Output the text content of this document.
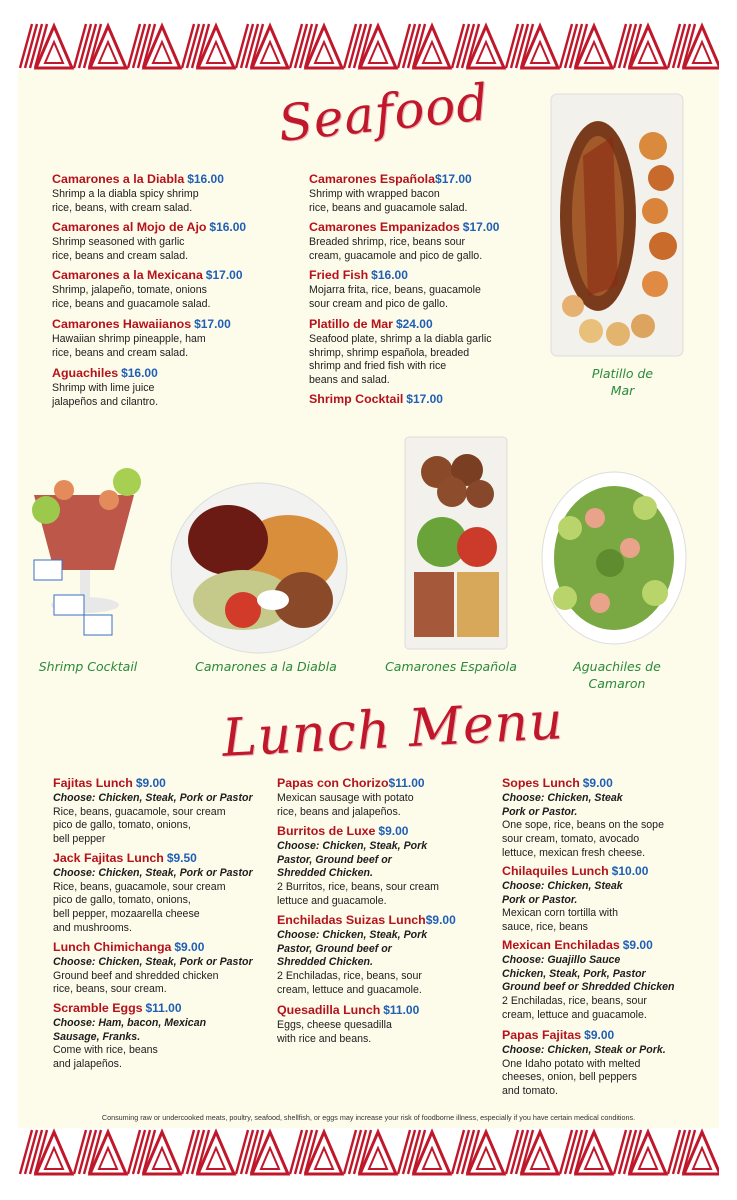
Seafood
Camarones a la Diabla $16.00
Shrimp a la diabla spicy shrimp
rice, beans, with cream salad.
Camarones al Mojo de Ajo $16.00
Shrimp seasoned with garlic
rice, beans and cream salad.
Camarones a la Mexicana $17.00
Shrimp, jalapeño, tomate, onions
rice, beans and guacamole salad.
Camarones Hawaiianos $17.00
Hawaiian shrimp pineapple, ham
rice, beans and cream salad.
Aguachiles $16.00
Shrimp with lime juice
jalapeños and cilantro.
Camarones Española$17.00
Shrimp with wrapped bacon
rice, beans and guacamole salad.
Camarones Empanizados $17.00
Breaded shrimp, rice, beans sour
cream, guacamole and pico de gallo.
Fried Fish $16.00
Mojarra frita, rice, beans, guacamole
sour cream and pico de gallo.
Platillo de Mar $24.00
Seafood plate, shrimp a la diabla garlic
shrimp, shrimp española, breaded
shrimp and fried fish with rice
beans and salad.
Shrimp Cocktail $17.00
Platillo de
Mar
Shrimp Cocktail	Camarones a la Diabla	Camarones Española	Aguachiles de
Camaron
Lunch Menu
Fajitas Lunch $9.00
Choose: Chicken, Steak, Pork or Pastor
Rice, beans, guacamole, sour cream
pico de gallo, tomato, onions,
bell pepper
Jack Fajitas Lunch $9.50
Choose: Chicken, Steak, Pork or Pastor
Rice, beans, guacamole, sour cream
pico de gallo, tomato, onions,
bell pepper, mozaarella cheese
and mushrooms.
Lunch Chimichanga $9.00
Choose: Chicken, Steak, Pork or Pastor
Ground beef and shredded chicken
rice, beans, sour cream.
Scramble Eggs $11.00
Choose: Ham, bacon, Mexican
Sausage, Franks.
Come with rice, beans
and jalapeños.
Papas con Chorizo$11.00
Mexican sausage with potato
rice, beans and jalapeños.
Burritos de Luxe $9.00
Choose: Chicken, Steak, Pork
Pastor, Ground beef or
Shredded Chicken.
2 Burritos, rice, beans, sour cream
lettuce and guacamole.
Enchiladas Suizas Lunch$9.00
Choose: Chicken, Steak, Pork
Pastor, Ground beef or
Shredded Chicken.
2 Enchiladas, rice, beans, sour
cream, lettuce and guacamole.
Quesadilla Lunch $11.00
Eggs, cheese quesadilla
with rice and beans.
Sopes Lunch $9.00
Choose: Chicken, Steak
Pork or Pastor.
One sope, rice, beans on the sope
sour cream, tomato, avocado
lettuce, mexican fresh cheese.
Chilaquiles Lunch $10.00
Choose: Chicken, Steak
Pork or Pastor.
Mexican corn tortilla with
sauce, rice, beans
Mexican Enchiladas $9.00
Choose: Guajillo Sauce
Chicken, Steak, Pork, Pastor
Ground beef or Shredded Chicken
2 Enchiladas, rice, beans, sour
cream, lettuce and guacamole.
Papas Fajitas $9.00
Choose: Chicken, Steak or Pork.
One Idaho potato with melted
cheeses, onion, bell peppers
and tomato.
Consuming raw or undercooked meats, poultry, seafood, shellfish, or eggs may increase your risk of foodborne illness, especially if you have certain medical conditions.
